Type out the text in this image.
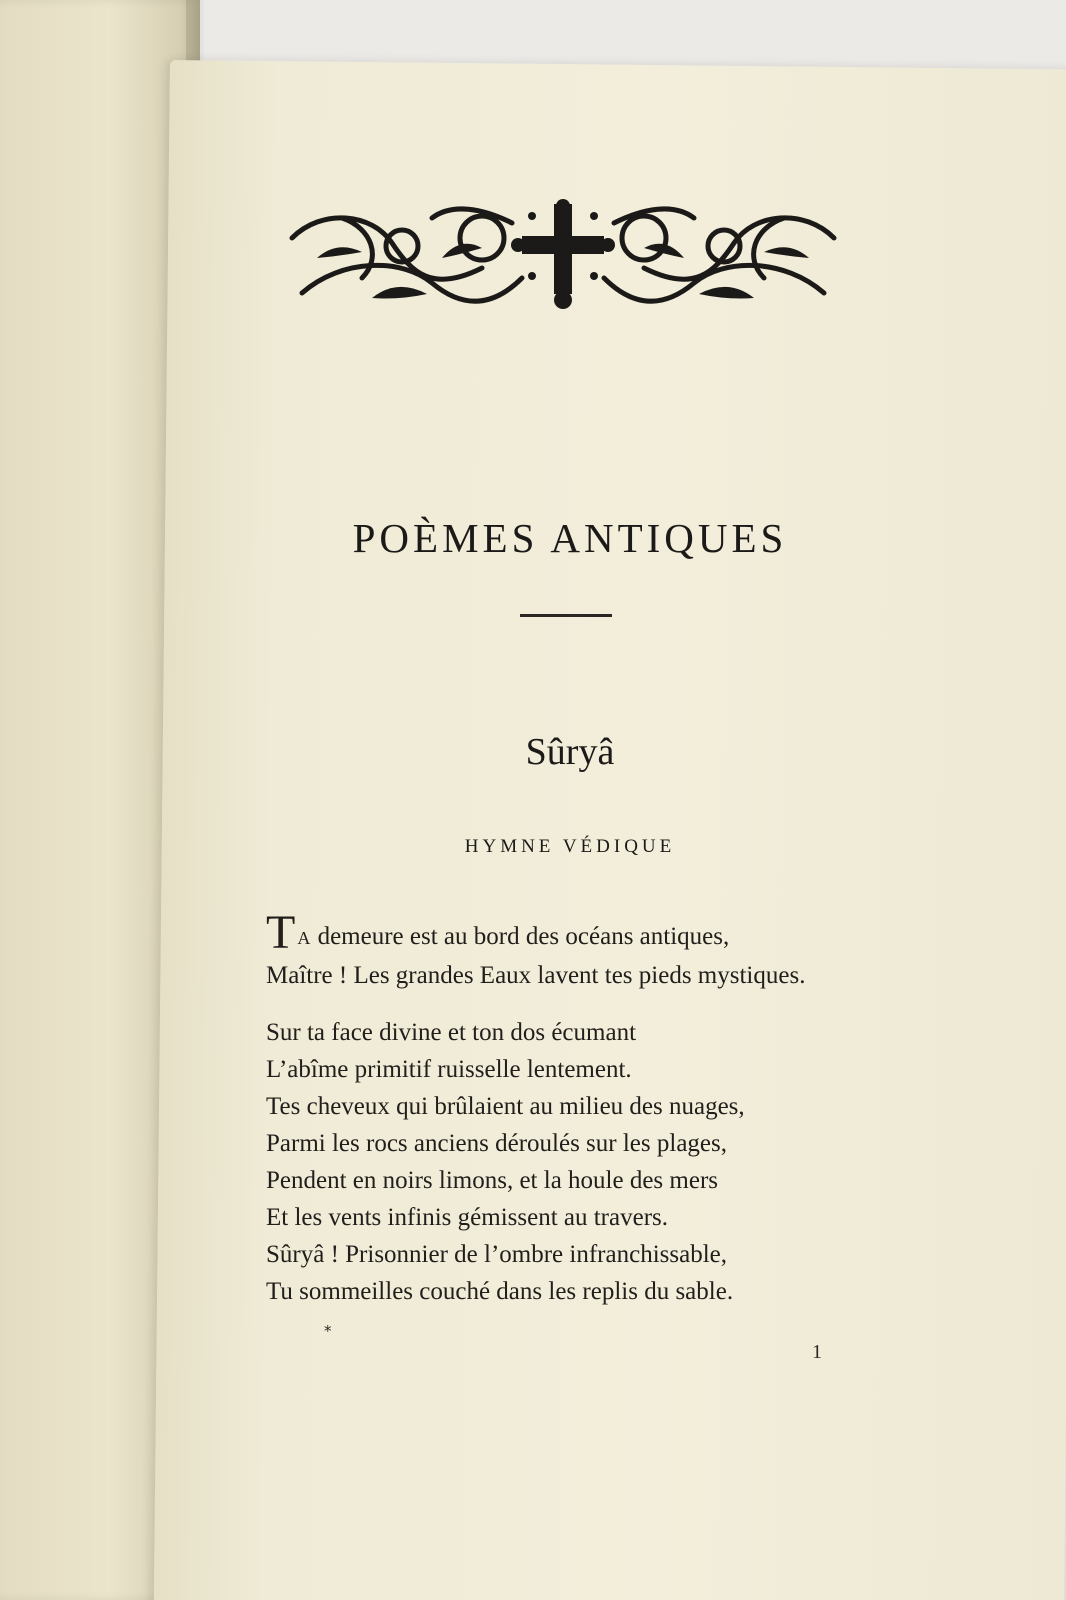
POÈMES ANTIQUES
Sûryâ
HYMNE VÉDIQUE
T A demeure est au bord des océans antiques,
Maître ! Les grandes Eaux lavent tes pieds mystiques.
Sur ta face divine et ton dos écumant
L’abîme primitif ruisselle lentement.
Tes cheveux qui brûlaient au milieu des nuages,
Parmi les rocs anciens déroulés sur les plages,
Pendent en noirs limons, et la houle des mers
Et les vents infinis gémissent au travers.
Sûryâ ! Prisonnier de l’ombre infranchissable,
Tu sommeilles couché dans les replis du sable.
*
1
